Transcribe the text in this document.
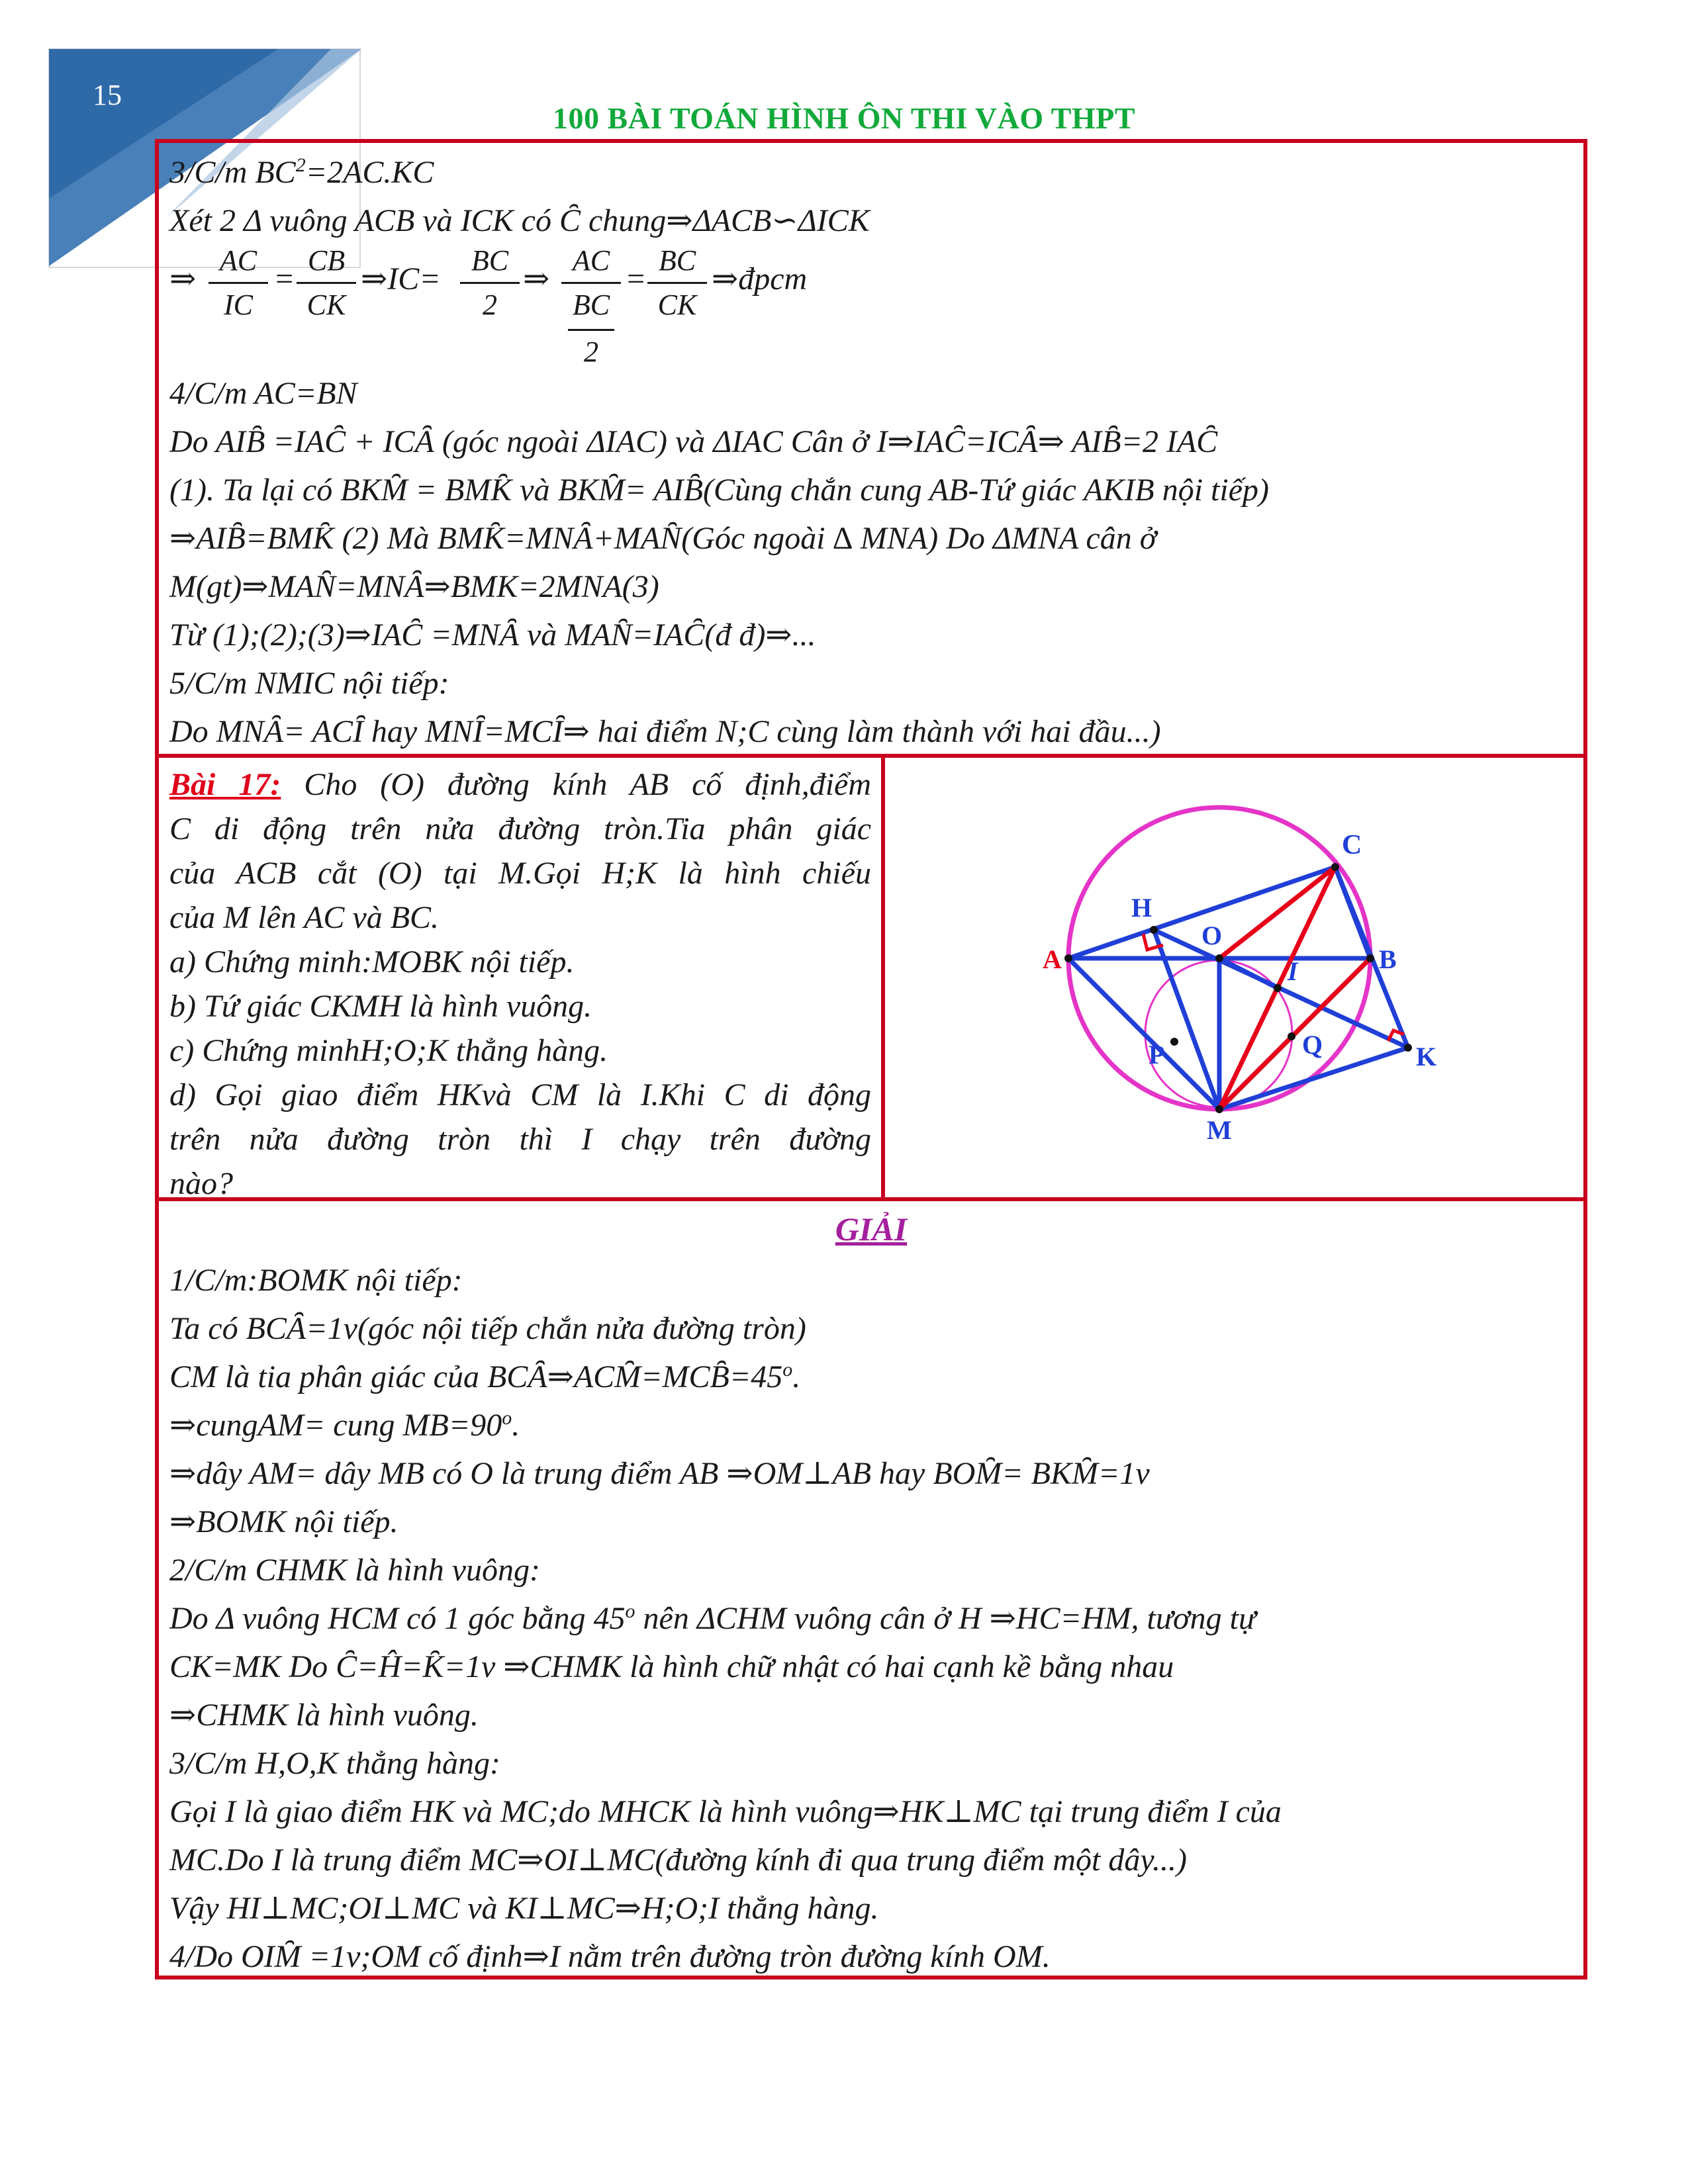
15
100 BÀI TOÁN HÌNH ÔN THI VÀO THPT
3/C/m $BC^2=2AC.KC$
Xét 2 Δ vuông ACB và ICK có C̑ chung⇒ΔACB∽ΔICK
⇒
AC
IC
=
CB
CK
⇒IC=
BC
2
⇒
AC
BC
2
=
BC
CK
⇒đpcm
4/C/m AC=BN
Do AIB̑ =IAC̑ + ICȂ (góc ngoài ΔIAC) và ΔIAC Cân ở I⇒IAC̑=ICȂ⇒ AIB̑=2 IAC̑
(1). Ta lại có BKM̑ = BMK̑ và BKM̑= AIB̑(Cùng chắn cung AB-Tứ giác AKIB nội tiếp)
⇒AIB̑=BMK̑ (2) Mà BMK̑=MNȂ+MAN̑(Góc ngoài ∆ MNA) Do ΔMNA cân ở
M(gt)⇒MAN̑=MNȂ⇒BMK=2MNA(3)
Từ (1);(2);(3)⇒IAC̑ =MNȂ và MAN̑=IAC̑(đ đ)⇒...
5/C/m NMIC nội tiếp:
Do MNȂ= ACȊ hay MNȊ=MCȊ⇒ hai điểm N;C cùng làm thành với hai đầu...)

Bài 17: Cho (O) đường kính AB cố định,điểm

C di động trên nửa đường tròn.Tia phân giác

của ACB cắt (O) tại M.Gọi H;K là hình chiếu

của M lên AC và BC.

a) Chứng minh:MOBK nội tiếp.

b) Tứ giác CKMH là hình vuông.

c) Chứng minhH;O;K thẳng hàng.

d) Gọi giao điểm HKvà CM là I.Khi C di động

trên nửa đường tròn thì I chạy trên đường

nào?

A	B
C
H
O
I
P	Q	K
M
GIẢI
1/C/m:BOMK nội tiếp:
Ta có BCȂ=1v(góc nội tiếp chắn nửa đường tròn)
CM là tia phân giác của $BCȂ\Rightarrow ACM̑=MCB̑=45^o$.
⇒cungAM= cung $MB=90^o$.
⇒dây AM= dây MB có O là trung điểm AB ⇒OM⊥AB hay BOM̑= BKM̑=1v
⇒BOMK nội tiếp.
2/C/m CHMK là hình vuông:
Do Δ vuông HCM có 1 góc bằng 45$^o$ nên ΔCHM vuông cân ở H ⇒HC=HM, tương tự
CK=MK Do C̑=Ĥ=K̑=1v ⇒CHMK là hình chữ nhật có hai cạnh kề bằng nhau
⇒CHMK là hình vuông.
3/C/m H,O,K thẳng hàng:
Gọi I là giao điểm HK và MC;do MHCK là hình vuông⇒HK⊥MC tại trung điểm I của
MC.Do I là trung điểm MC⇒OI⊥MC(đường kính đi qua trung điểm một dây...)
Vậy HI⊥MC;OI⊥MC và KI⊥MC⇒H;O;I thẳng hàng.
4/Do OIM̑ =1v;OM cố định⇒I nằm trên đường tròn đường kính OM.
